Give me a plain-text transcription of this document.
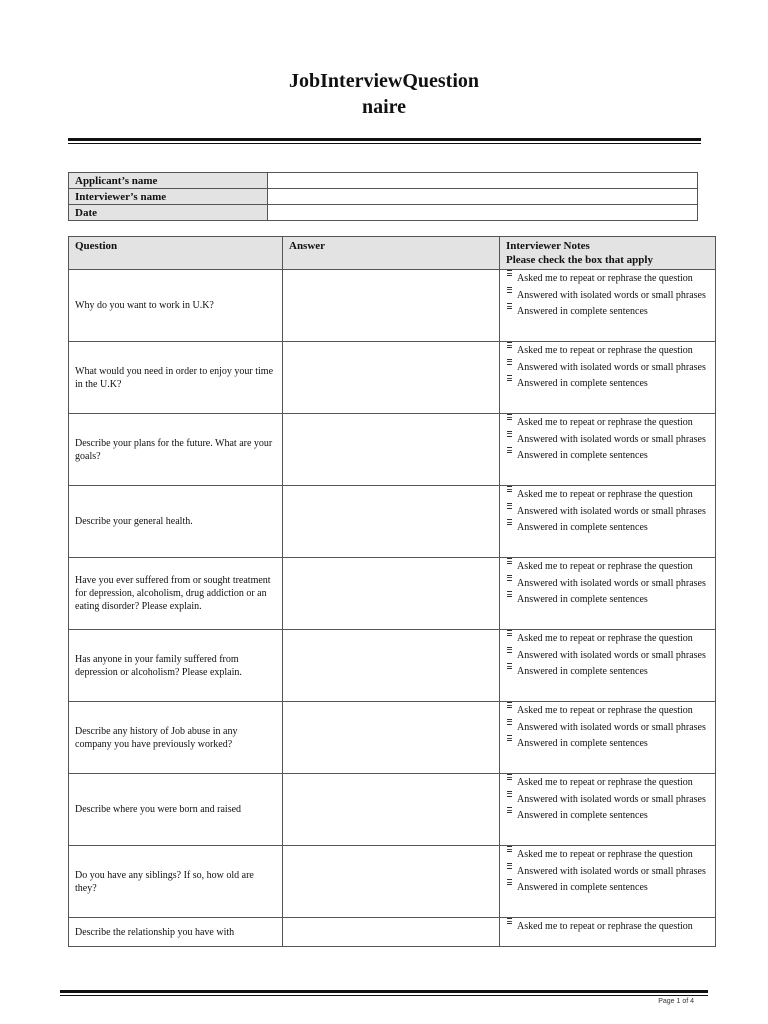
JobInterviewQuestion
naire
Applicant’s name	
Interviewer’s name	
Date	
Question	Answer	Interviewer Notes
Please check the box that apply

Why do you want to work in U.K?		Asked me to repeat or rephrase the question
Answered with isolated words or small phrases
Answered in complete sentences

What would you need in order to enjoy your time in the U.K?		Asked me to repeat or rephrase the question
Answered with isolated words or small phrases
Answered in complete sentences

Describe your plans for the future. What are your goals?		Asked me to repeat or rephrase the question
Answered with isolated words or small phrases
Answered in complete sentences

Describe your general health.		Asked me to repeat or rephrase the question
Answered with isolated words or small phrases
Answered in complete sentences

Have you ever suffered from or sought treatment for depression, alcoholism, drug addiction or an eating disorder? Please explain.		Asked me to repeat or rephrase the question
Answered with isolated words or small phrases
Answered in complete sentences

Has anyone in your family suffered from depression or alcoholism? Please explain.		Asked me to repeat or rephrase the question
Answered with isolated words or small phrases
Answered in complete sentences

Describe any history of Job abuse in any company you have previously worked?		Asked me to repeat or rephrase the question
Answered with isolated words or small phrases
Answered in complete sentences

Describe where you were born and raised		Asked me to repeat or rephrase the question
Answered with isolated words or small phrases
Answered in complete sentences

Do you have any siblings? If so, how old are they?		Asked me to repeat or rephrase the question
Answered with isolated words or small phrases
Answered in complete sentences

Describe the relationship you have with		Asked me to repeat or rephrase the question
Page 1 of 4
